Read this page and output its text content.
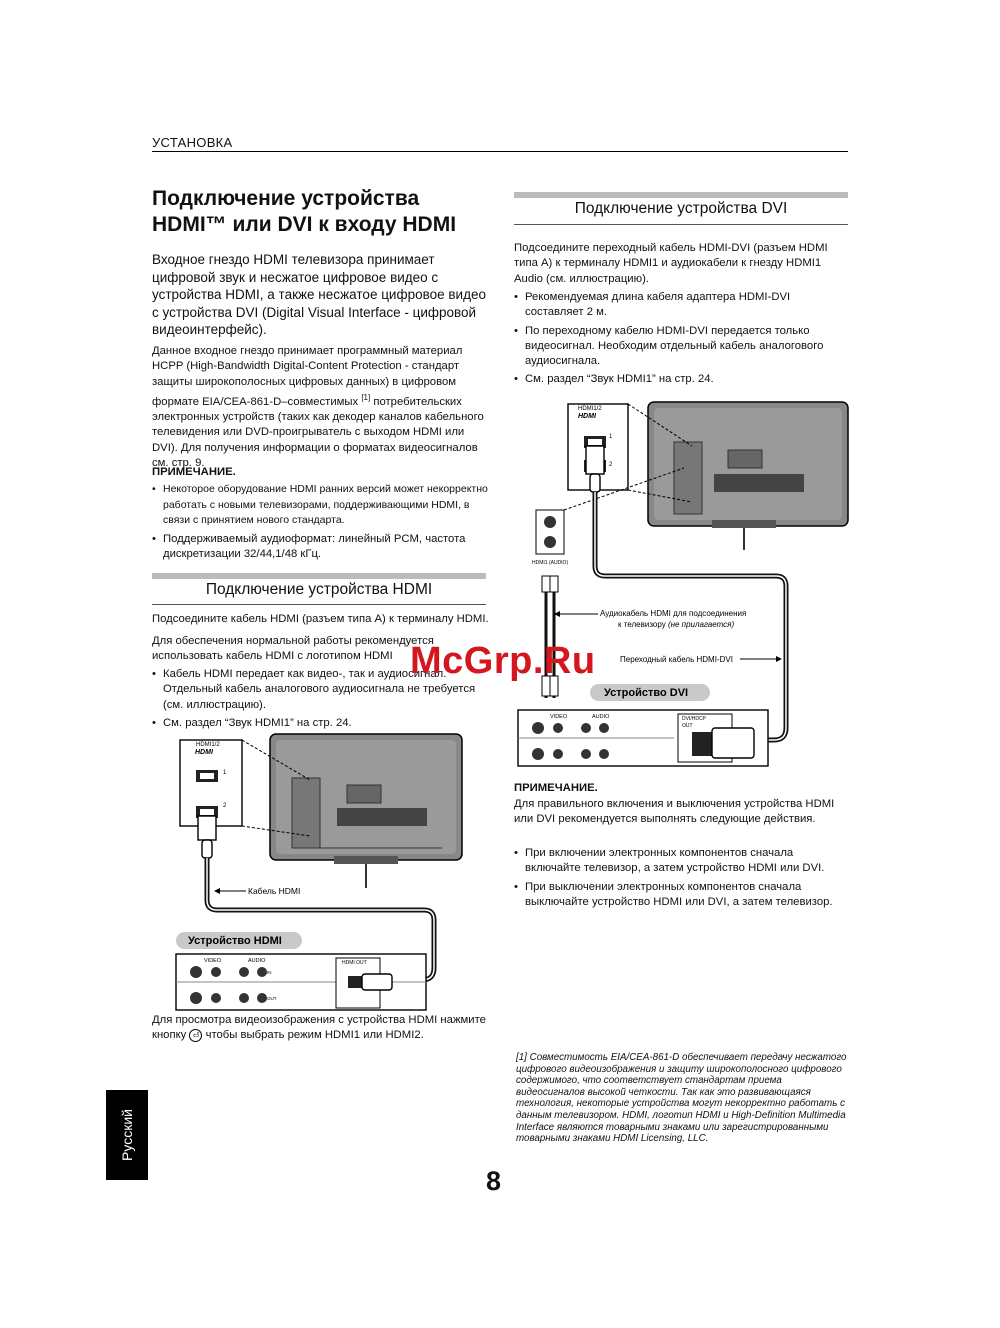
УСТАНОВКА
Подключение устройства HDMI™ или DVI к входу HDMI
Входное гнездо HDMI телевизора принимает цифровой звук и несжатое цифровое видео с устройства HDMI, а также несжатое цифровое видео с устройства DVI (Digital Visual Interface - цифровой видеоинтерфейс).
Данное входное гнездо принимает программный материал HCPP (High-Bandwidth Digital-Content Protection - стандарт защиты широкополосных цифровых данных) в цифровом формате EIA/CEA-861-D–совместимых [1] потребительских электронных устройств (таких как декодер каналов кабельного телевидения или DVD-проигрыватель с выходом HDMI или DVI). Для получения информации о форматах видеосигналов см. стр. 9.
ПРИМЕЧАНИЕ.
• Некоторое оборудование HDMI ранних версий может некорректно работать с новыми телевизорами, поддерживающими HDMI, в связи с принятием нового стандарта.
• Поддерживаемый аудиоформат: линейный PCM, частота дискретизации 32/44,1/48 кГц.
Подключение устройства HDMI
Подсоедините кабель HDMI (разъем типа A) к терминалу HDMI.
Для обеспечения нормальной работы рекомендуется использовать кабель HDMI с логотипом HDMI
• Кабель HDMI передает как видео-, так и аудиосигнал. Отдельный кабель аналогового аудиосигнала не требуется (см. иллюстрацию).
• См. раздел “Звук HDMI1” на стр. 24.
HDMI1/2
HDMI
1
2
Кабель HDMI
Устройство HDMI
VIDEO	AUDIO
IN
OUT
HDMI OUT
Для просмотра видеоизображения с устройства HDMI нажмите кнопку ⏎ чтобы выбрать режим HDMI1 или HDMI2.
Подключение устройства DVI
Подсоедините переходный кабель HDMI-DVI (разъем HDMI типа A) к терминалу HDMI1 и аудиокабели к гнезду HDMI1 Audio (см. иллюстрацию).
• Рекомендуемая длина кабеля адаптера HDMI-DVI составляет 2 м.
• По переходному кабелю HDMI-DVI передается только видеосигнал. Необходим отдельный кабель аналогового аудиосигнала.
• См. раздел “Звук HDMI1” на стр. 24.
HDMI1/2
HDMI
1
2
HDMI1 (AUDIO)
Аудиокабель HDMI для подсоединения
к телевизору (не прилагается)
Переходный кабель HDMI-DVI
Устройство DVI
VIDEO	AUDIO	DVI/HDCP
OUT
McGrp.Ru
ПРИМЕЧАНИЕ.
Для правильного включения и выключения устройства HDMI или DVI рекомендуется выполнять следующие действия.
• При включении электронных компонентов сначала включайте телевизор, а затем устройство HDMI или DVI.
• При выключении электронных компонентов сначала выключайте устройство HDMI или DVI, а затем телевизор.
[1] Совместимость EIA/CEA-861-D обеспечивает передачу несжатого цифрового видеоизображения и защиту широкополосного цифрового содержимого, что соответствует стандартам приема видеосигналов высокой четкости. Так как это развивающаяся технология, некоторые устройства могут некорректно работать с данным телевизором. HDMI, логотип HDMI и High-Definition Multimedia Interface являются товарными знаками или зарегистрированными товарными знаками HDMI Licensing, LLC.
Русский
8
